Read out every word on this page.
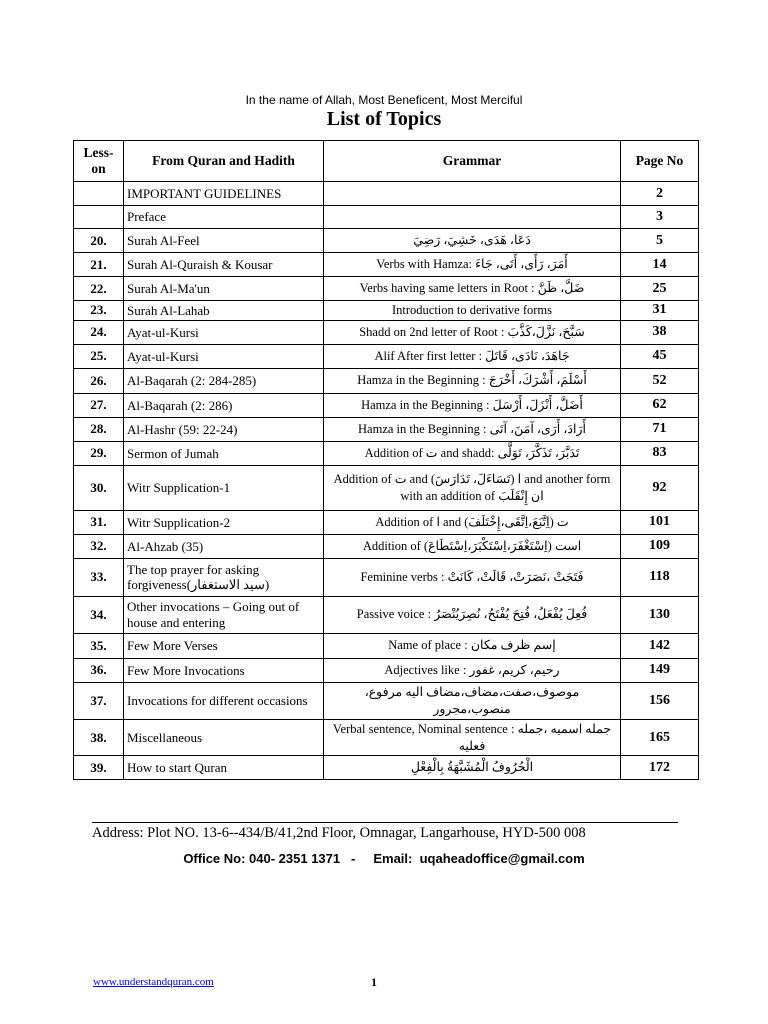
In the name of Allah, Most Beneficent, Most Merciful
List of Topics
Less-on	From Quran and Hadith	Grammar	Page No
	IMPORTANT GUIDELINES		2
	Preface		3
20.	Surah Al-Feel	دَعَا، هَدَى، خَشِيَ، رَضِيَ	5
21.	Surah Al-Quraish & Kousar	Verbs with Hamza: أَمَرَ، رَأَى، أَتَى، جَاءَ	14
22.	Surah Al-Ma'un	Verbs having same letters in Root : ضَلَّ، ظَنَّ	25
23.	Surah Al-Lahab	Introduction to derivative forms	31
24.	Ayat-ul-Kursi	سَبَّحَ، نَزَّلَ،كَذَّبَ : Shadd on 2nd letter of Root	38
25.	Ayat-ul-Kursi	Alif After first letter : جَاهَدَ، نَادَى، قَاتَلَ	45
26.	Al-Baqarah (2: 284-285)	Hamza in the Beginning : أَسْلَمَ، أَشْرَكَ، أَخْرَجَ	52
27.	Al-Baqarah (2: 286)	Hamza in the Beginning : أَضَلَّ، أَنْزَلَ، أَرْسَلَ	62
28.	Al-Hashr (59: 22-24)	Hamza in the Beginning : أَرَادَ، أَرَى، آمَنَ، آتَى	71
29.	Sermon of Jumah	Addition of ت and shadd: تَدَبَّرَ، تَذَكَّرَ، تَوَلَّى	83
30.	Witr Supplication-1	Addition of ت and ا (تَسَاءَلَ، تَدَارَسَ) and another form with an addition of ان إِنْقَلَبَ	92
31.	Witr Supplication-2	Addition of ا and ت (اِتَّبَعَ،اِتَّقَى،إِخْتَلَفَ)	101
32.	Al-Ahzab (35)	Addition of است (اِسْتَغْفَرَ،اِسْتَكْبَرَ،اِسْتَطَاعَ)	109
33.	The top prayer for asking forgiveness(سید الاستغفار)	Feminine verbs : فَتَحَتْ ،نَصَرَتْ، قَالَتْ، كَانَتْ	118
34.	Other invocations – Going out of house and entering	Passive voice : فُعِلَ يُفْعَلُ، فُتِحَ يُفْتَحُ، نُصِرَيُنْصَرُ	130
35.	Few More Verses	Name of place : إسم ظرف مكان	142
36.	Few More Invocations	Adjectives like : رحيم، كريم، غفور	149
37.	Invocations for different occasions	موصوف،صفت،مضاف،مضاف اليه مرفوع، منصوب،مجرور	156
38.	Miscellaneous	Verbal sentence, Nominal sentence : جمله اسميه ،جمله فعليه	165
39.	How to start Quran	الْحُرُوفُ الْمُشَبَّهَةُ بِالْفِعْلِ	172
Address: Plot NO. 13-6--434/B/41,2nd Floor, Omnagar, Langarhouse, HYD-500 008
Office No: 040- 2351 1371   -     Email:  uqaheadoffice@gmail.com
www.understandquran.com	1
